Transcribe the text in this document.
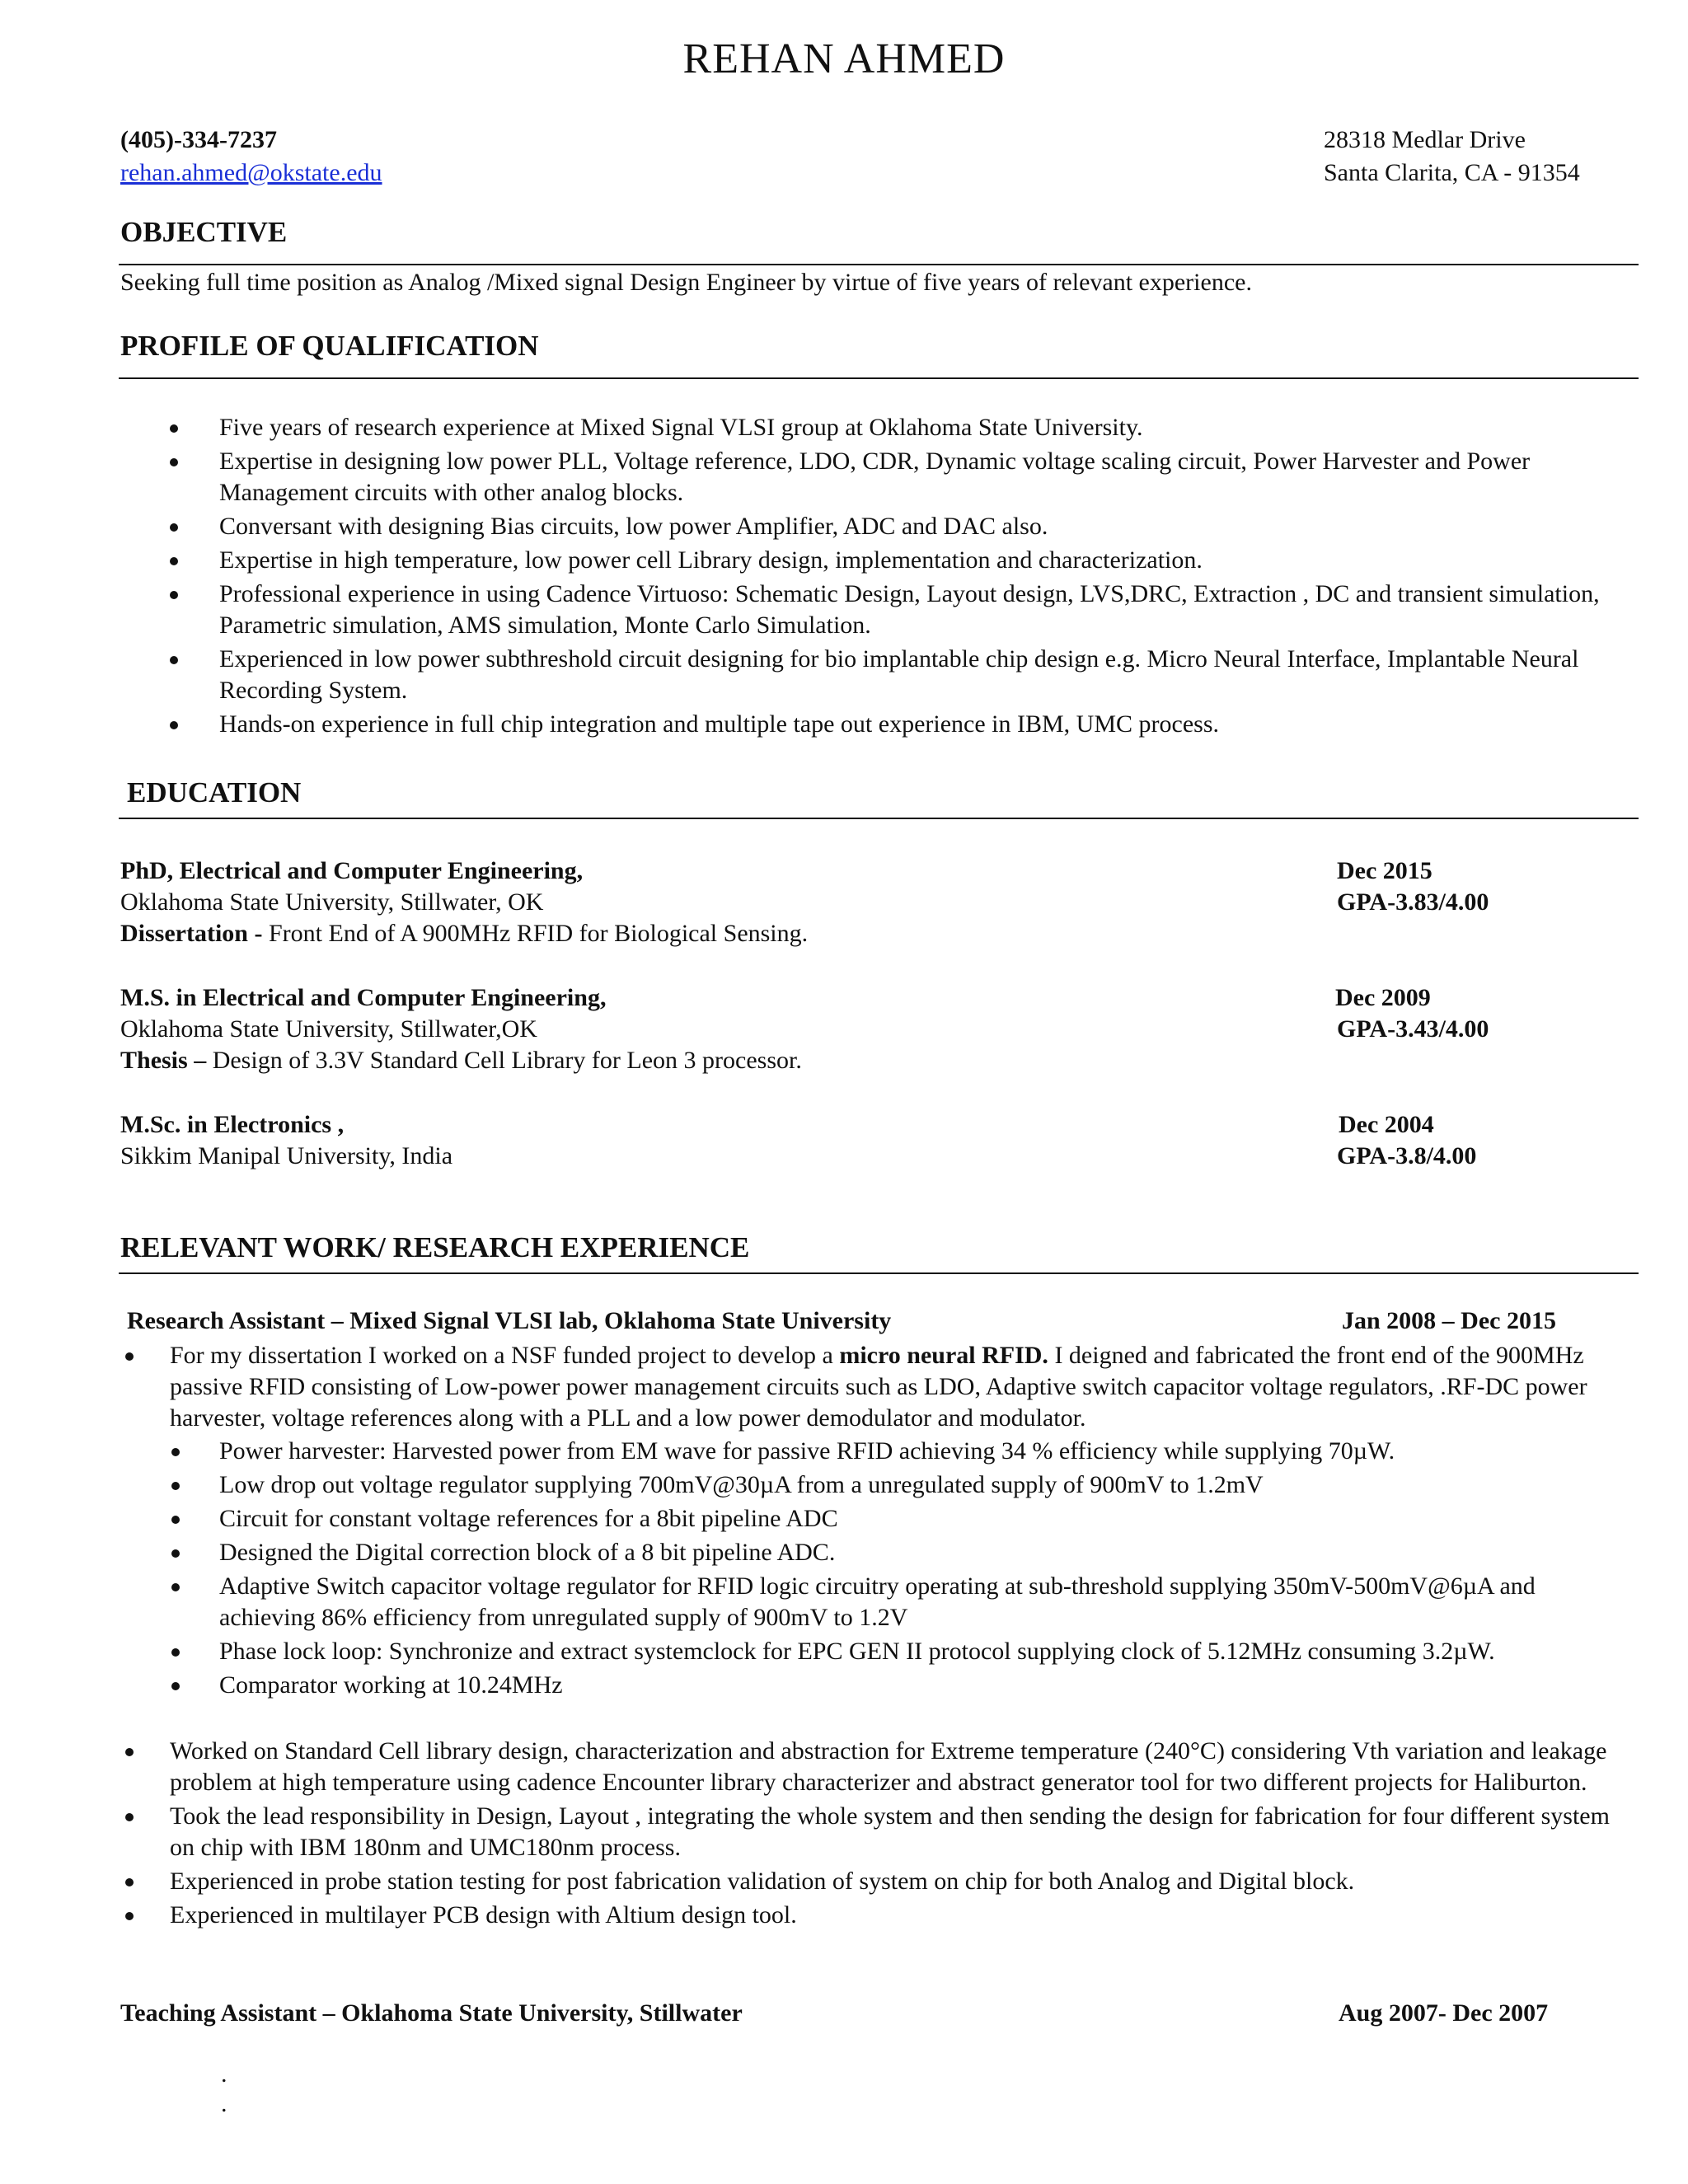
REHAN AHMED
(405)-334-7237
rehan.ahmed@okstate.edu
28318 Medlar Drive
Santa Clarita, CA - 91354
OBJECTIVE
Seeking full time position as Analog /Mixed signal Design Engineer by virtue of five years of relevant experience.
PROFILE OF QUALIFICATION
Five years of research experience at Mixed Signal VLSI group at Oklahoma State University.
Expertise in designing low power PLL, Voltage reference, LDO, CDR, Dynamic voltage scaling circuit, Power Harvester and Power Management circuits with other analog blocks.
Conversant with designing Bias circuits, low power Amplifier, ADC and DAC also.
Expertise in high temperature, low power cell Library design, implementation and characterization.
Professional experience in using Cadence Virtuoso: Schematic Design, Layout design, LVS,DRC, Extraction , DC and transient simulation, Parametric simulation, AMS simulation, Monte Carlo Simulation.
Experienced in low power subthreshold circuit designing for bio implantable chip design e.g. Micro Neural Interface, Implantable Neural Recording System.
Hands-on experience in full chip integration and multiple tape out experience in IBM, UMC process.
EDUCATION
PhD, Electrical and Computer Engineering,	Dec 2015
Oklahoma State University, Stillwater, OK	GPA-3.83/4.00
Dissertation - Front End of A 900MHz RFID for Biological Sensing.
M.S. in Electrical and Computer Engineering,	Dec 2009
Oklahoma State University, Stillwater,OK	GPA-3.43/4.00
Thesis – Design of 3.3V Standard Cell Library for Leon 3 processor.
M.Sc. in Electronics ,	Dec 2004
Sikkim Manipal University, India	GPA-3.8/4.00
RELEVANT WORK/ RESEARCH EXPERIENCE
Research Assistant – Mixed Signal VLSI lab, Oklahoma State University	Jan 2008 – Dec 2015
For my dissertation I worked on a NSF funded project to develop a micro neural RFID. I deigned and fabricated the front end of the 900MHz passive RFID consisting of Low-power power management circuits such as LDO, Adaptive switch capacitor voltage regulators, .RF-DC power harvester, voltage references along with a PLL and a low power demodulator and modulator.
Power harvester: Harvested power from EM wave for passive RFID achieving 34 % efficiency while supplying 70µW.
Low drop out voltage regulator supplying 700mV@30µA from a unregulated supply of 900mV to 1.2mV
Circuit for constant voltage references for a 8bit pipeline ADC
Designed the Digital correction block of a 8 bit pipeline ADC.
Adaptive Switch capacitor voltage regulator for RFID logic circuitry operating at sub-threshold supplying 350mV-500mV@6µA and achieving 86% efficiency from unregulated supply of 900mV to 1.2V
Phase lock loop: Synchronize and extract systemclock for EPC GEN II protocol supplying clock of 5.12MHz consuming 3.2µW.
Comparator working at 10.24MHz
Worked on Standard Cell library design, characterization and abstraction for Extreme temperature (240°C) considering Vth variation and leakage problem at high temperature using cadence Encounter library characterizer and abstract generator tool for two different projects for Haliburton.
Took the lead responsibility in Design, Layout , integrating the whole system and then sending the design for fabrication for four different system on chip with IBM 180nm and UMC180nm process.
Experienced in probe station testing for post fabrication validation of system on chip for both Analog and Digital block.
Experienced in multilayer PCB design with Altium design tool.
Teaching Assistant – Oklahoma State University, Stillwater	Aug 2007- Dec 2007
.
.
